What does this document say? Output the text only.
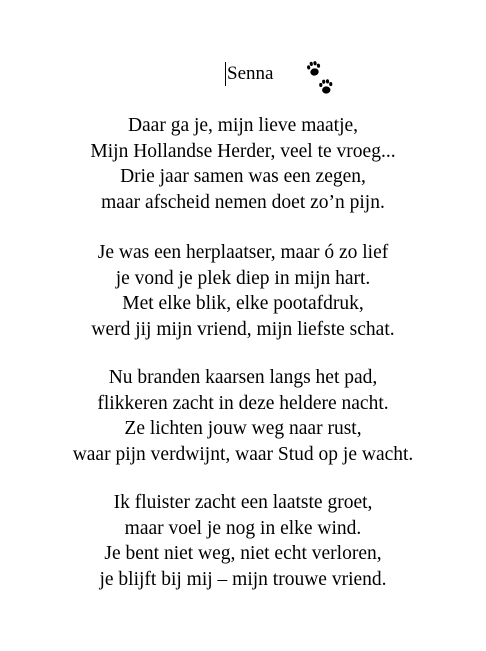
Senna
Daar ga je, mijn lieve maatje,
Mijn Hollandse Herder, veel te vroeg...
Drie jaar samen was een zegen,
maar afscheid nemen doet zo’n pijn.
Je was een herplaatser, maar ó zo lief
je vond je plek diep in mijn hart.
Met elke blik, elke pootafdruk,
werd jij mijn vriend, mijn liefste schat.
Nu branden kaarsen langs het pad,
flikkeren zacht in deze heldere nacht.
Ze lichten jouw weg naar rust,
waar pijn verdwijnt, waar Stud op je wacht.
Ik fluister zacht een laatste groet,
maar voel je nog in elke wind.
Je bent niet weg, niet echt verloren,
je blijft bij mij – mijn trouwe vriend.
